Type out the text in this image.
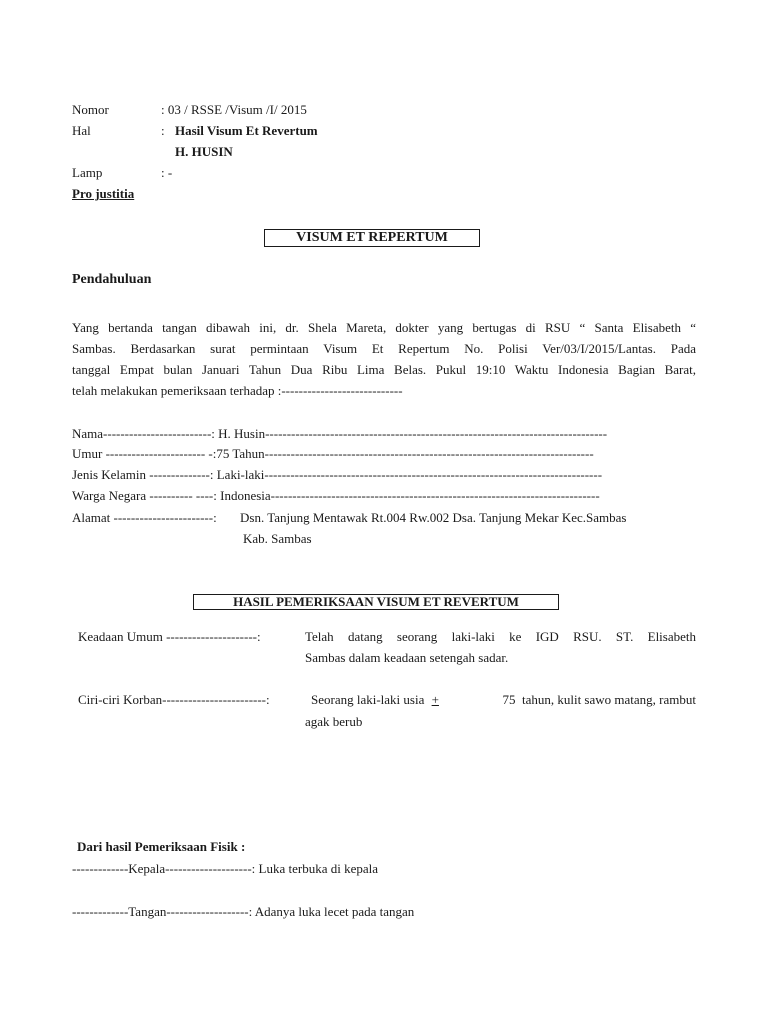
Nomor	: 03 / RSSE /Visum /I/ 2015
Hal	: Hasil Visum Et Revertum
H. HUSIN
Lamp	: -
Pro justitia
VISUM ET REPERTUM
Pendahuluan
Yang bertanda tangan dibawah ini, dr. Shela Mareta, dokter yang bertugas di RSU “ Santa Elisabeth “
Sambas. Berdasarkan surat permintaan Visum Et Repertum No. Polisi Ver/03/I/2015/Lantas. Pada
tanggal Empat bulan Januari Tahun Dua Ribu Lima Belas. Pukul 19:10 Waktu Indonesia Bagian Barat,
telah melakukan pemeriksaan terhadap :----------------------------
Nama-------------------------: H. Husin-------------------------------------------------------------------------------
Umur ----------------------- -:75 Tahun----------------------------------------------------------------------------
Jenis Kelamin --------------: Laki-laki------------------------------------------------------------------------------
Warga Negara ---------- ----: Indonesia----------------------------------------------------------------------------
Alamat -----------------------: Dsn. Tanjung Mentawak Rt.004 Rw.002 Dsa. Tanjung Mekar Kec.Sambas
Kab. Sambas
HASIL PEMERIKSAAN VISUM ET REVERTUM
Keadaan Umum ---------------------:	Telah datang seorang laki-laki ke IGD RSU. ST. Elisabeth
Sambas dalam keadaan setengah sadar.
Ciri-ciri Korban------------------------:	Seorang laki-laki usia +	75  tahun, kulit sawo matang, rambut
agak berub
Dari hasil Pemeriksaan Fisik :
-------------Kepala--------------------: Luka terbuka di kepala
-------------Tangan-------------------: Adanya luka lecet pada tangan
